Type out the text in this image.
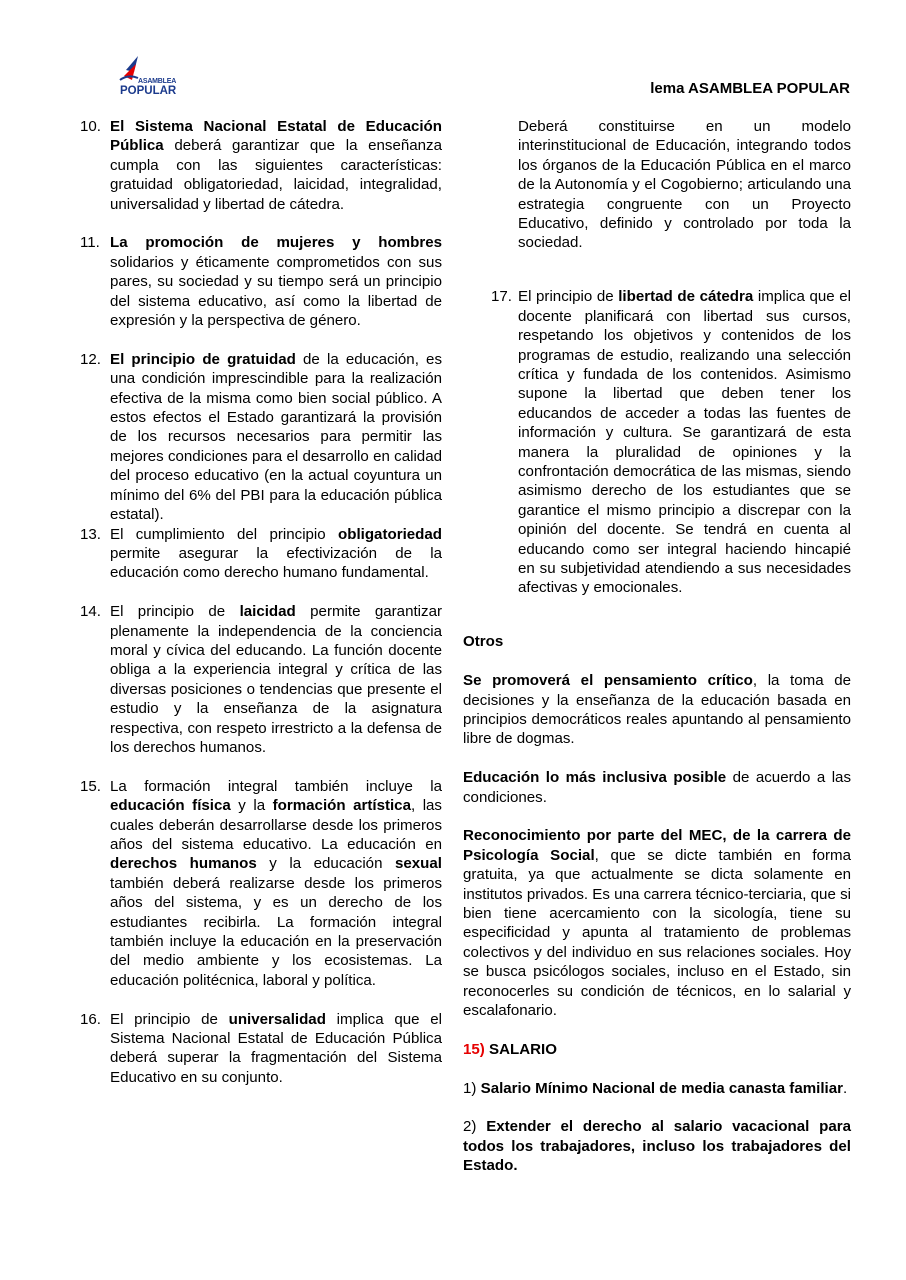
ASAMBLEA
POPULAR	lema ASAMBLEA POPULAR
10. El Sistema Nacional Estatal de Educación Pública deberá garantizar que la enseñanza cumpla con las siguientes características: gratuidad obligatoriedad, laicidad, integralidad, universalidad y libertad de cátedra.

11. La promoción de mujeres y hombres solidarios y éticamente comprometidos con sus pares, su sociedad y su tiempo será un principio del sistema educativo, así como la libertad de expresión y la perspectiva de género.

12. El principio de gratuidad de la educación, es una condición imprescindible para la realización efectiva de la misma como bien social público. A estos efectos el Estado garantizará la provisión de los recursos necesarios para permitir las mejores condiciones para el desarrollo en calidad del proceso educativo (en la actual coyuntura un mínimo del 6% del PBI para la educación pública estatal).

13. El cumplimiento del principio obligatoriedad permite asegurar la efectivización de la educación como derecho humano fundamental.

14. El principio de laicidad permite garantizar plenamente la independencia de la conciencia moral y cívica del educando. La función docente obliga a la experiencia integral y crítica de las diversas posiciones o tendencias que presente el estudio y la enseñanza de la asignatura respectiva, con respeto irrestricto a la defensa de los derechos humanos.

15. La formación integral también incluye la educación física y la formación artística, las cuales deberán desarrollarse desde los primeros años del sistema educativo. La educación en derechos humanos y la educación sexual también deberá realizarse desde los primeros años del sistema, y es un derecho de los estudiantes recibirla. La formación integral también incluye la educación en la preservación del medio ambiente y los ecosistemas. La educación politécnica, laboral y política.

16. El principio de universalidad implica que el Sistema Nacional Estatal de Educación Pública deberá superar la fragmentación del Sistema Educativo en su conjunto.

Deberá constituirse en un modelo interinstitucional de Educación, integrando todos los órganos de la Educación Pública en el marco de la Autonomía y el Cogobierno; articulando una estrategia congruente con un Proyecto Educativo, definido y controlado por toda la sociedad.

17. El principio de libertad de cátedra implica que el docente planificará con libertad sus cursos, respetando los objetivos y contenidos de los programas de estudio, realizando una selección crítica y fundada de los contenidos. Asimismo supone la libertad que deben tener los educandos de acceder a todas las fuentes de información y cultura. Se garantizará de esta manera la pluralidad de opiniones y la confrontación democrática de las mismas, siendo asimismo derecho de los estudiantes que se garantice el mismo principio a discrepar con la opinión del docente. Se tendrá en cuenta al educando como ser integral haciendo hincapié en su subjetividad atendiendo a sus necesidades afectivas y emocionales.

Otros

Se promoverá el pensamiento crítico, la toma de decisiones y la enseñanza de la educación basada en principios democráticos reales apuntando al pensamiento libre de dogmas.

Educación lo más inclusiva posible de acuerdo a las condiciones.

Reconocimiento por parte del MEC, de la carrera de Psicología Social, que se dicte también en forma gratuita, ya que actualmente se dicta solamente en institutos privados. Es una carrera técnico-terciaria, que si bien tiene acercamiento con la sicología, tiene su especificidad y apunta al tratamiento de problemas colectivos y del individuo en sus relaciones sociales. Hoy se busca psicólogos sociales, incluso en el Estado, sin reconocerles su condición de técnicos, en lo salarial y escalafonario.

15) SALARIO

1) Salario Mínimo Nacional de media canasta familiar.

2) Extender el derecho al salario vacacional para todos los trabajadores, incluso los trabajadores del Estado.
